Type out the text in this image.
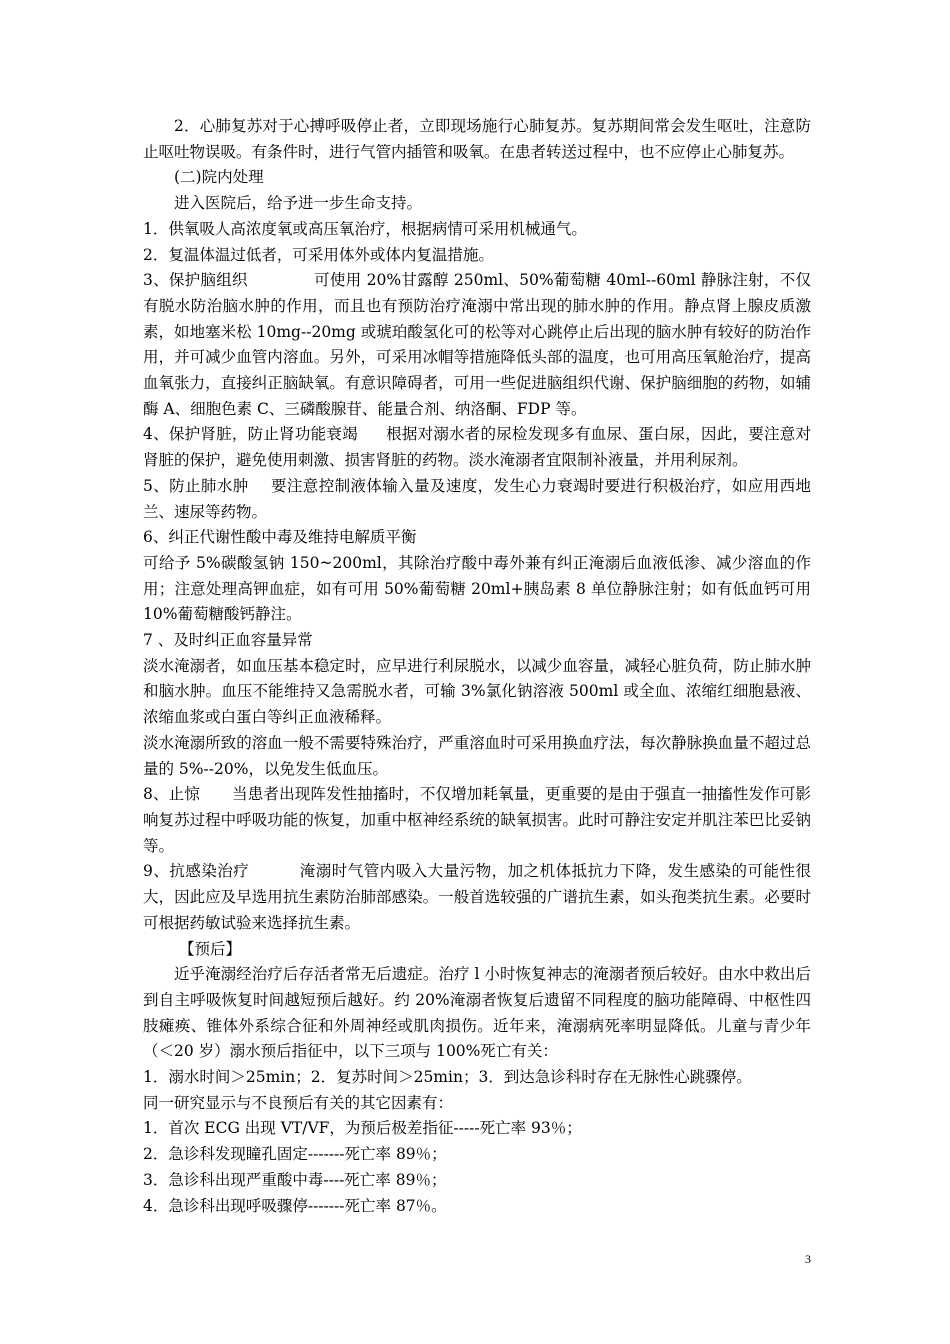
2．心肺复苏对于心搏呼吸停止者，立即现场施行心肺复苏。复苏期间常会发生呕吐，注意防止呕吐物误吸。有条件时，进行气管内插管和吸氧。在患者转送过程中，也不应停止心肺复苏。

(二)院内处理

进入医院后，给予进一步生命支持。

1．供氧吸人高浓度氧或高压氧治疗，根据病情可采用机械通气。

2．复温体温过低者，可采用体外或体内复温措施。

3、保护脑组织	可使用 20%甘露醇 250ml、50%葡萄糖 40ml--60ml 静脉注射，不仅有脱水防治脑水肿的作用，而且也有预防治疗淹溺中常出现的肺水肿的作用。静点肾上腺皮质激素，如地塞米松 10mg--20mg 或琥珀酸氢化可的松等对心跳停止后出现的脑水肿有较好的防治作用，并可减少血管内溶血。另外，可采用冰帽等措施降低头部的温度，也可用高压氧舱治疗，提高血氧张力，直接纠正脑缺氧。有意识障碍者，可用一些促进脑组织代谢、保护脑细胞的药物，如辅酶 A、细胞色素 C、三磷酸腺苷、能量合剂、纳洛酮、FDP 等。

4、保护肾脏，防止肾功能衰竭 根据对溺水者的尿检发现多有血尿、蛋白尿，因此，要注意对肾脏的保护，避免使用刺激、损害肾脏的药物。淡水淹溺者宜限制补液量，并用利尿剂。

5、防止肺水肿 要注意控制液体输入量及速度，发生心力衰竭时要进行积极治疗，如应用西地兰、速尿等药物。

6、纠正代谢性酸中毒及维持电解质平衡

可给予 5%碳酸氢钠 150~200ml，其除治疗酸中毒外兼有纠正淹溺后血液低渗、减少溶血的作用；注意处理高钾血症，如有可用 50%葡萄糖 20ml+胰岛素 8 单位静脉注射；如有低血钙可用 10%葡萄糖酸钙静注。

7 、及时纠正血容量异常

淡水淹溺者，如血压基本稳定时，应早进行利尿脱水，以减少血容量，减轻心脏负荷，防止肺水肿和脑水肿。血压不能维持又急需脱水者，可输 3%氯化钠溶液 500ml 或全血、浓缩红细胞悬液、浓缩血浆或白蛋白等纠正血液稀释。

淡水淹溺所致的溶血一般不需要特殊治疗，严重溶血时可采用换血疗法，每次静脉换血量不超过总量的 5%--20%，以免发生低血压。

8、止惊 当患者出现阵发性抽搐时，不仅增加耗氧量，更重要的是由于强直一抽搐性发作可影响复苏过程中呼吸功能的恢复，加重中枢神经系统的缺氧损害。此时可静注安定并肌注苯巴比妥钠等。

9、抗感染治疗	淹溺时气管内吸入大量污物，加之机体抵抗力下降，发生感染的可能性很大，因此应及早选用抗生素防治肺部感染。一般首选较强的广谱抗生素，如头孢类抗生素。必要时可根据药敏试验来选择抗生素。

【预后】

近乎淹溺经治疗后存活者常无后遗症。治疗 l 小时恢复神志的淹溺者预后较好。由水中救出后到自主呼吸恢复时间越短预后越好。约 20%淹溺者恢复后遗留不同程度的脑功能障碍、中枢性四肢瘫痪、锥体外系综合征和外周神经或肌肉损伤。近年来，淹溺病死率明显降低。儿童与青少年（＜20 岁）溺水预后指征中，以下三项与 100%死亡有关：

1．溺水时间＞25min；2．复苏时间＞25min；3．到达急诊科时存在无脉性心跳骤停。

同一研究显示与不良预后有关的其它因素有：

1．首次 ECG 出现 VT/VF，为预后极差指征-----死亡率 93％；

2．急诊科发现瞳孔固定-------死亡率 89％；

3．急诊科出现严重酸中毒----死亡率 89％；

4．急诊科出现呼吸骤停-------死亡率 87％。

3
